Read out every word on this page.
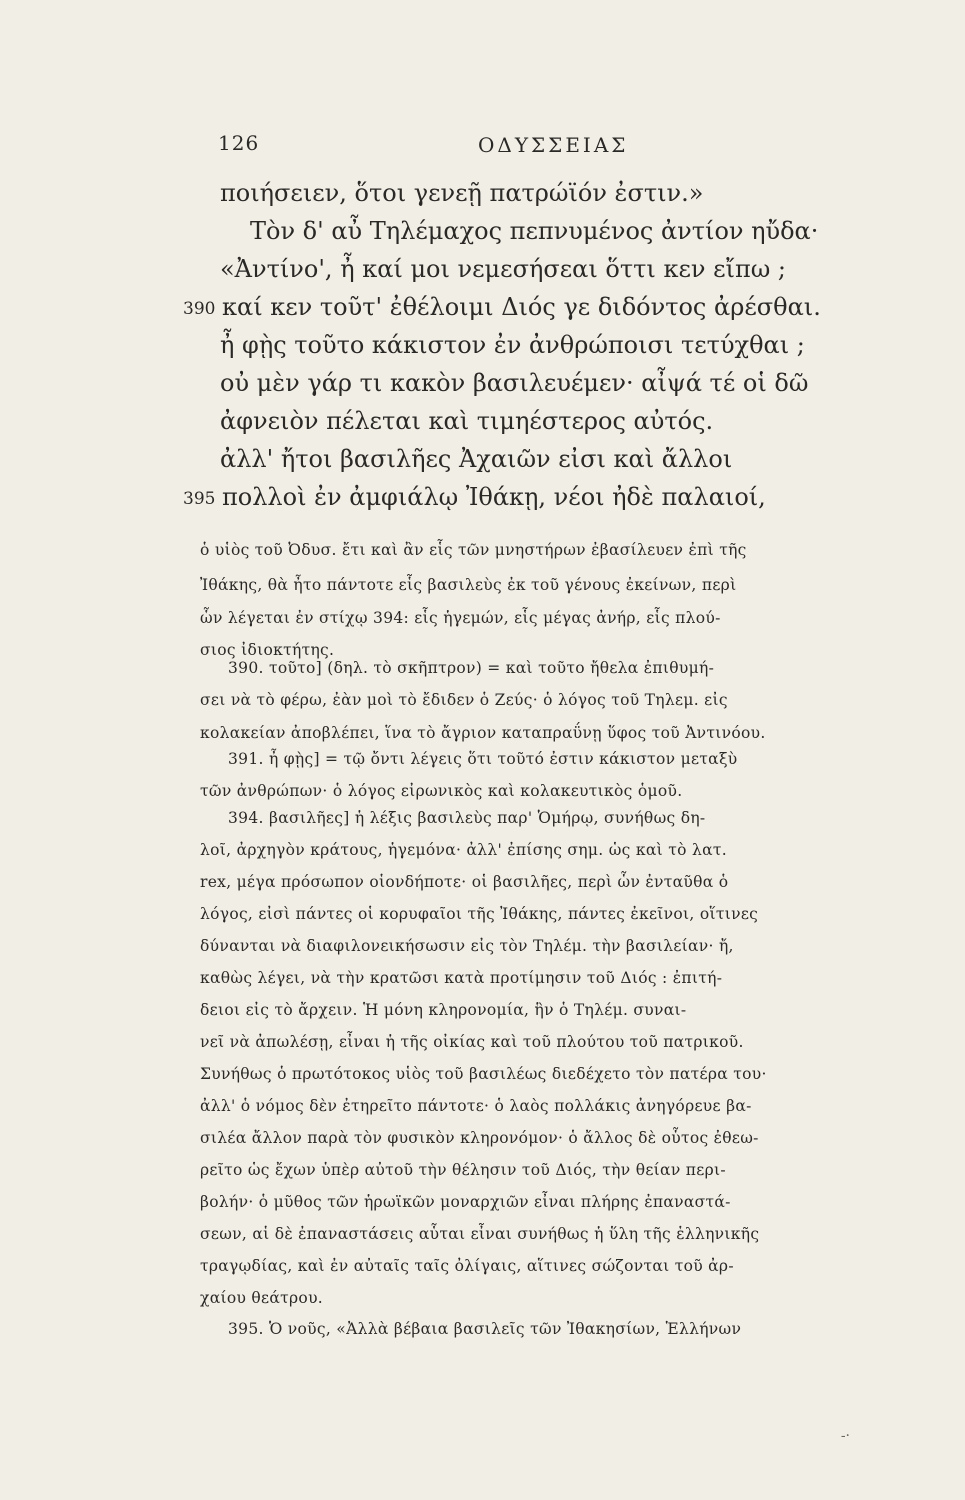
126	ΟΔΥΣΣΕΙΑΣ
ποιήσειεν, ὅτοι γενεῇ πατρώϊόν ἐστιν.»
Τὸν δ' αὖ Τηλέμαχος πεπνυμένος ἀντίον ηὔδα·
«Ἀντίνο', ἦ καί μοι νεμεσήσεαι ὅττι κεν εἴπω ;
390 καί κεν τοῦτ' ἐθέλοιμι Διός γε διδόντος ἀρέσθαι.
ἦ φῂς τοῦτο κάκιστον ἐν ἀνθρώποισι τετύχθαι ;
οὐ μὲν γάρ τι κακὸν βασιλευέμεν· αἶψά τέ οἱ δῶ
ἀφνειὸν πέλεται καὶ τιμηέστερος αὐτός.
ἀλλ' ἤτοι βασιλῆες Ἀχαιῶν εἰσι καὶ ἄλλοι
395 πολλοὶ ἐν ἀμφιάλῳ Ἰθάκῃ, νέοι ἠδὲ παλαιοί,
ὁ υἱὸς τοῦ Ὀδυσ. ἔτι καὶ ἂν εἷς τῶν μνηστήρων ἐβασίλευεν ἐπὶ τῆς
Ἰθάκης, θὰ ἦτο πάντοτε εἷς βασιλεὺς ἐκ τοῦ γένους ἐκείνων, περὶ
ὧν λέγεται ἐν στίχῳ 394: εἷς ἡγεμών, εἷς μέγας ἀνήρ, εἷς πλού-
σιος ἰδιοκτήτης.
390. τοῦτο] (δηλ. τὸ σκῆπτρον) = καὶ τοῦτο ἤθελα ἐπιθυμή-
σει νὰ τὸ φέρω, ἐὰν μοὶ τὸ ἔδιδεν ὁ Ζεύς· ὁ λόγος τοῦ Τηλεμ. εἰς
κολακείαν ἀποβλέπει, ἵνα τὸ ἄγριον καταπραΰνῃ ὕφος τοῦ Ἀντινόου.
391. ἦ φῂς] = τῷ ὄντι λέγεις ὅτι τοῦτό ἐστιν κάκιστον μεταξὺ
τῶν ἀνθρώπων· ὁ λόγος εἰρωνικὸς καὶ κολακευτικὸς ὁμοῦ.
394. βασιλῆες] ἡ λέξις βασιλεὺς παρ' Ὁμήρῳ, συνήθως δη-
λοῖ, ἀρχηγὸν κράτους, ἡγεμόνα· ἀλλ' ἐπίσης σημ. ὡς καὶ τὸ λατ.
rex, μέγα πρόσωπον οἱονδήποτε· οἱ βασιλῆες, περὶ ὧν ἐνταῦθα ὁ
λόγος, εἰσὶ πάντες οἱ κορυφαῖοι τῆς Ἰθάκης, πάντες ἐκεῖνοι, οἵτινες
δύνανται νὰ διαφιλονεικήσωσιν εἰς τὸν Τηλέμ. τὴν βασιλείαν· ἤ,
καθὼς λέγει, νὰ τὴν κρατῶσι κατὰ προτίμησιν τοῦ Διός : ἐπιτή-
δειοι εἰς τὸ ἄρχειν. Ἡ μόνη κληρονομία, ἣν ὁ Τηλέμ. συναι-
νεῖ νὰ ἀπωλέσῃ, εἶναι ἡ τῆς οἰκίας καὶ τοῦ πλούτου τοῦ πατρικοῦ.
Συνήθως ὁ πρωτότοκος υἱὸς τοῦ βασιλέως διεδέχετο τὸν πατέρα του·
ἀλλ' ὁ νόμος δὲν ἐτηρεῖτο πάντοτε· ὁ λαὸς πολλάκις ἀνηγόρευε βα-
σιλέα ἄλλον παρὰ τὸν φυσικὸν κληρονόμον· ὁ ἄλλος δὲ οὗτος ἐθεω-
ρεῖτο ὡς ἔχων ὑπὲρ αὐτοῦ τὴν θέλησιν τοῦ Διός, τὴν θείαν περι-
βολήν· ὁ μῦθος τῶν ἡρωϊκῶν μοναρχιῶν εἶναι πλήρης ἐπαναστά-
σεων, αἱ δὲ ἐπαναστάσεις αὗται εἶναι συνήθως ἡ ὕλη τῆς ἑλληνικῆς
τραγῳδίας, καὶ ἐν αὐταῖς ταῖς ὀλίγαις, αἵτινες σώζονται τοῦ ἀρ-
χαίου θεάτρου.
395. Ὁ νοῦς, «Ἀλλὰ βέβαια βασιλεῖς τῶν Ἰθακησίων, Ἑλλήνων
-·
